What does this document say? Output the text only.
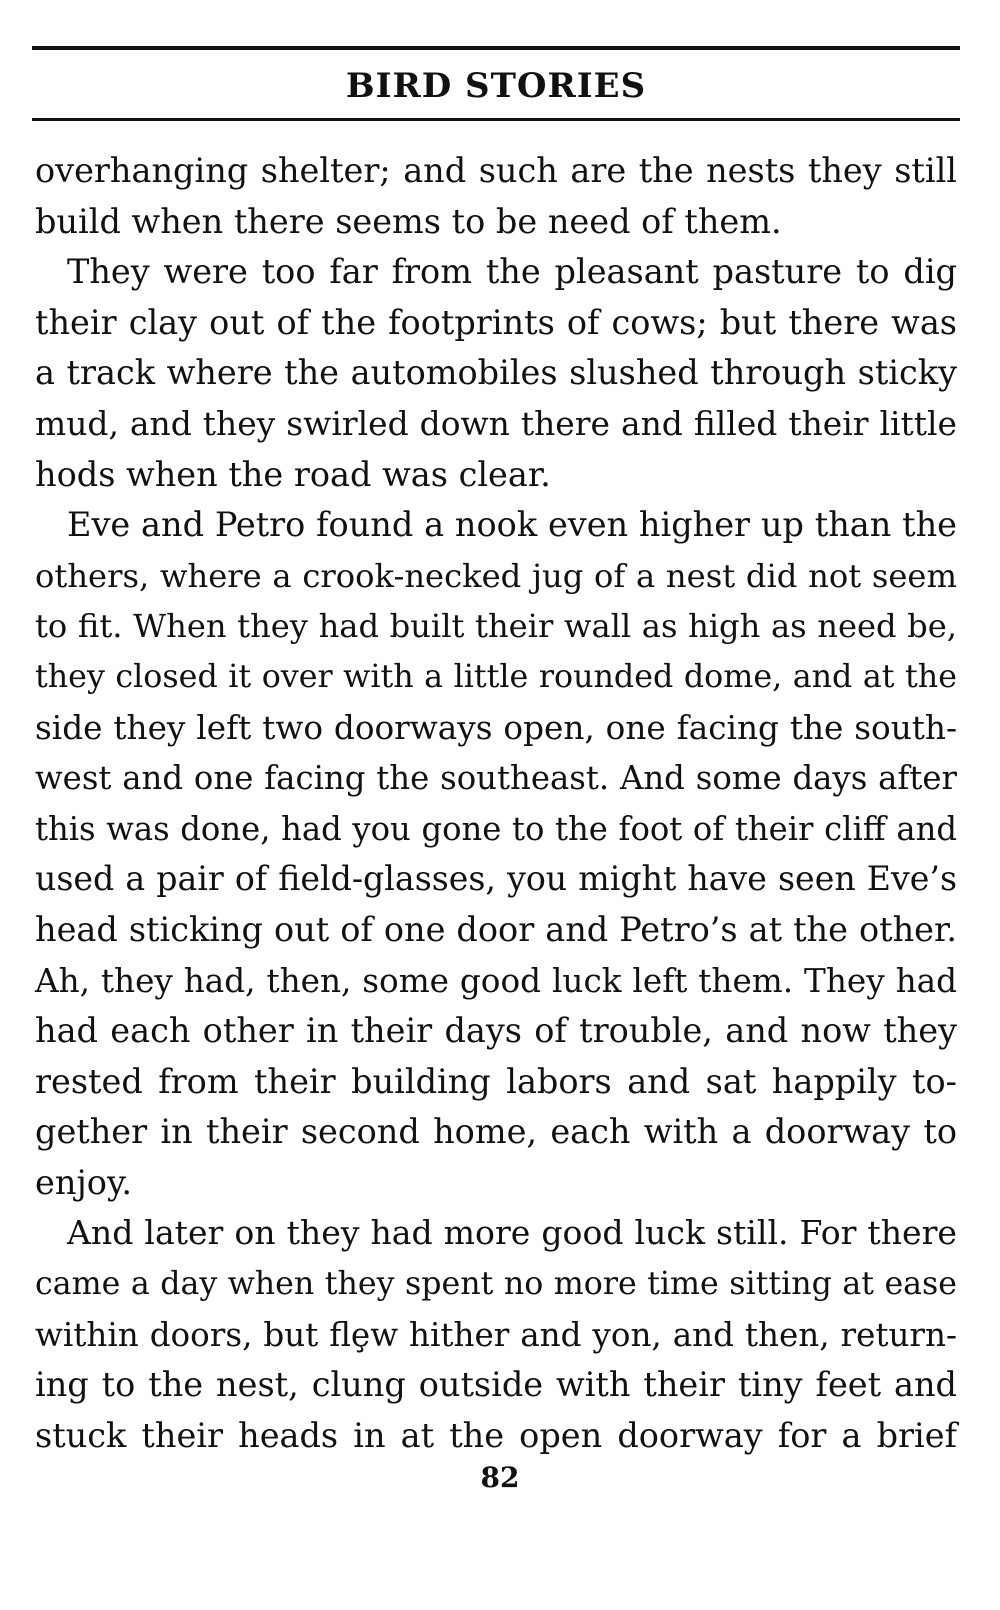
BIRD STORIES
overhanging shelter; and such are the nests they still
build when there seems to be need of them.
They were too far from the pleasant pasture to dig
their clay out of the footprints of cows; but there was
a track where the automobiles slushed through sticky
mud, and they swirled down there and filled their little
hods when the road was clear.
Eve and Petro found a nook even higher up than the
others, where a crook-necked jug of a nest did not seem
to fit. When they had built their wall as high as need be,
they closed it over with a little rounded dome, and at the
side they left two doorways open, one facing the south-
west and one facing the southeast. And some days after
this was done, had you gone to the foot of their cliff and
used a pair of field-glasses, you might have seen Eve’s
head sticking out of one door and Petro’s at the other.
Ah, they had, then, some good luck left them. They had
had each other in their days of trouble, and now they
rested from their building labors and sat happily to-
gether in their second home, each with a doorway to
enjoy.
And later on they had more good luck still. For there
came a day when they spent no more time sitting at ease
within doors, but flȩw hither and yon, and then, return-
ing to the nest, clung outside with their tiny feet and
stuck their heads in at the open doorway for a brief
82
